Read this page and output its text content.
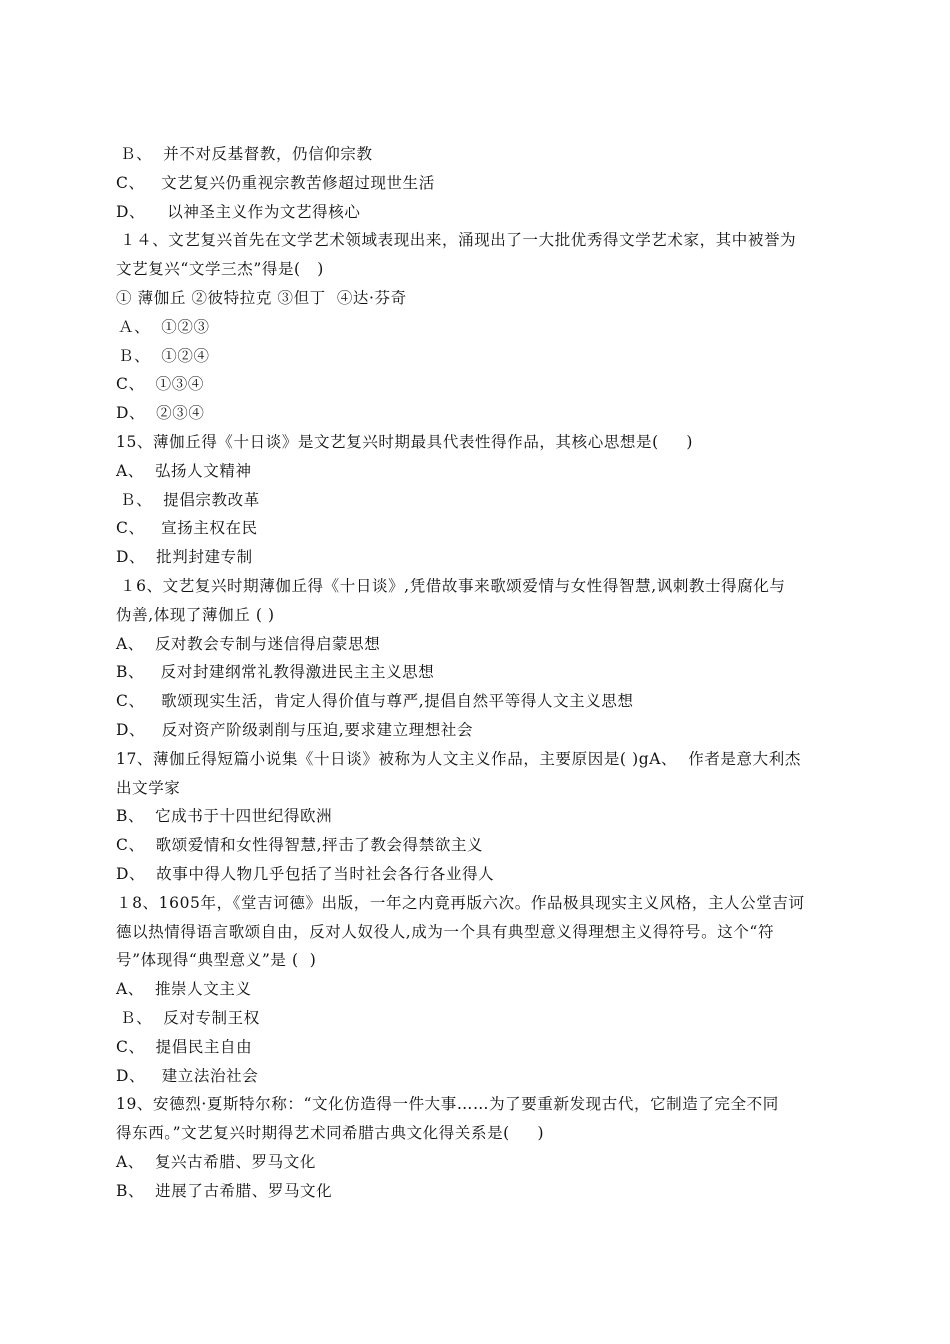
Ｂ、  并不对反基督教，仍信仰宗教
C、   文艺复兴仍重视宗教苦修超过现世生活
D、    以神圣主义作为文艺得核心
１４、文艺复兴首先在文学艺术领域表现出来，涌现出了一大批优秀得文学艺术家，其中被誉为
文艺复兴“文学三杰”得是(   )
① 薄伽丘 ②彼特拉克 ③但丁  ④达·芬奇
Ａ、  ①②③
Ｂ、  ①②④
C、  ①③④
D、  ②③④
15、薄伽丘得《十日谈》是文艺复兴时期最具代表性得作品，其核心思想是(     )
A、  弘扬人文精神
Ｂ、  提倡宗教改革
C、   宣扬主权在民
D、  批判封建专制
１6、文艺复兴时期薄伽丘得《十日谈》,凭借故事来歌颂爱情与女性得智慧,讽刺教士得腐化与
伪善,体现了薄伽丘 ( )
A、  反对教会专制与迷信得启蒙思想
B、   反对封建纲常礼教得激进民主主义思想
C、   歌颂现实生活，肯定人得价值与尊严,提倡自然平等得人文主义思想
D、   反对资产阶级剥削与压迫,要求建立理想社会
17、薄伽丘得短篇小说集《十日谈》被称为人文主义作品，主要原因是( )gA、  作者是意大利杰
出文学家
B、  它成书于十四世纪得欧洲
C、  歌颂爱情和女性得智慧,抨击了教会得禁欲主义
D、  故事中得人物几乎包括了当时社会各行各业得人
１8、1605年，《堂吉诃德》出版，一年之内竟再版六次。作品极具现实主义风格，主人公堂吉诃
德以热情得语言歌颂自由，反对人奴役人,成为一个具有典型意义得理想主义得符号。这个“符
号”体现得“典型意义”是 (  )
A、  推崇人文主义
Ｂ、  反对专制王权
C、  提倡民主自由
D、   建立法治社会
19、安德烈·夏斯特尔称：“文化仿造得一件大事……为了要重新发现古代，它制造了完全不同
得东西。”文艺复兴时期得艺术同希腊古典文化得关系是(     )
A、  复兴古希腊、罗马文化
B、  进展了古希腊、罗马文化
